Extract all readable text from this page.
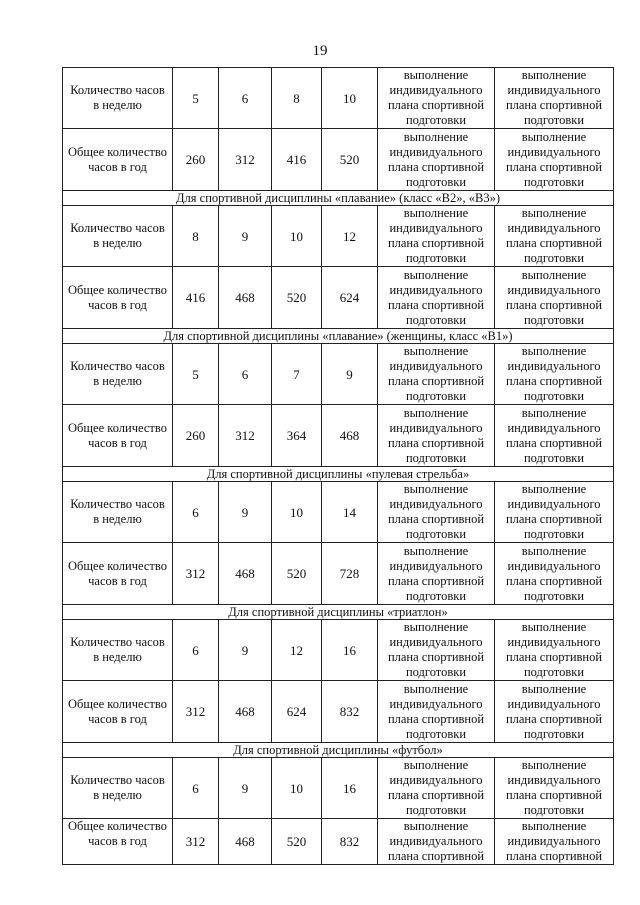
19
Количество часов в неделю	5	6	8	10	выполнение индивидуального плана спортивной подготовки	выполнение индивидуального плана спортивной подготовки
Общее количество часов в год	260	312	416	520	выполнение индивидуального плана спортивной подготовки	выполнение индивидуального плана спортивной подготовки
Для спортивной дисциплины «плавание» (класс «В2», «В3»)						
Количество часов в неделю	8	9	10	12	выполнение индивидуального плана спортивной подготовки	выполнение индивидуального плана спортивной подготовки
Общее количество часов в год	416	468	520	624	выполнение индивидуального плана спортивной подготовки	выполнение индивидуального плана спортивной подготовки
Для спортивной дисциплины «плавание» (женщины, класс «В1»)						
Количество часов в неделю	5	6	7	9	выполнение индивидуального плана спортивной подготовки	выполнение индивидуального плана спортивной подготовки
Общее количество часов в год	260	312	364	468	выполнение индивидуального плана спортивной подготовки	выполнение индивидуального плана спортивной подготовки
Для спортивной дисциплины «пулевая стрельба»						
Количество часов в неделю	6	9	10	14	выполнение индивидуального плана спортивной подготовки	выполнение индивидуального плана спортивной подготовки
Общее количество часов в год	312	468	520	728	выполнение индивидуального плана спортивной подготовки	выполнение индивидуального плана спортивной подготовки
Для спортивной дисциплины «триатлон»						
Количество часов в неделю	6	9	12	16	выполнение индивидуального плана спортивной подготовки	выполнение индивидуального плана спортивной подготовки
Общее количество часов в год	312	468	624	832	выполнение индивидуального плана спортивной подготовки	выполнение индивидуального плана спортивной подготовки
Для спортивной дисциплины «футбол»						
Количество часов в неделю	6	9	10	16	выполнение индивидуального плана спортивной подготовки	выполнение индивидуального плана спортивной подготовки
Общее количество часов в год	312	468	520	832	выполнение индивидуального плана спортивной	выполнение индивидуального плана спортивной
